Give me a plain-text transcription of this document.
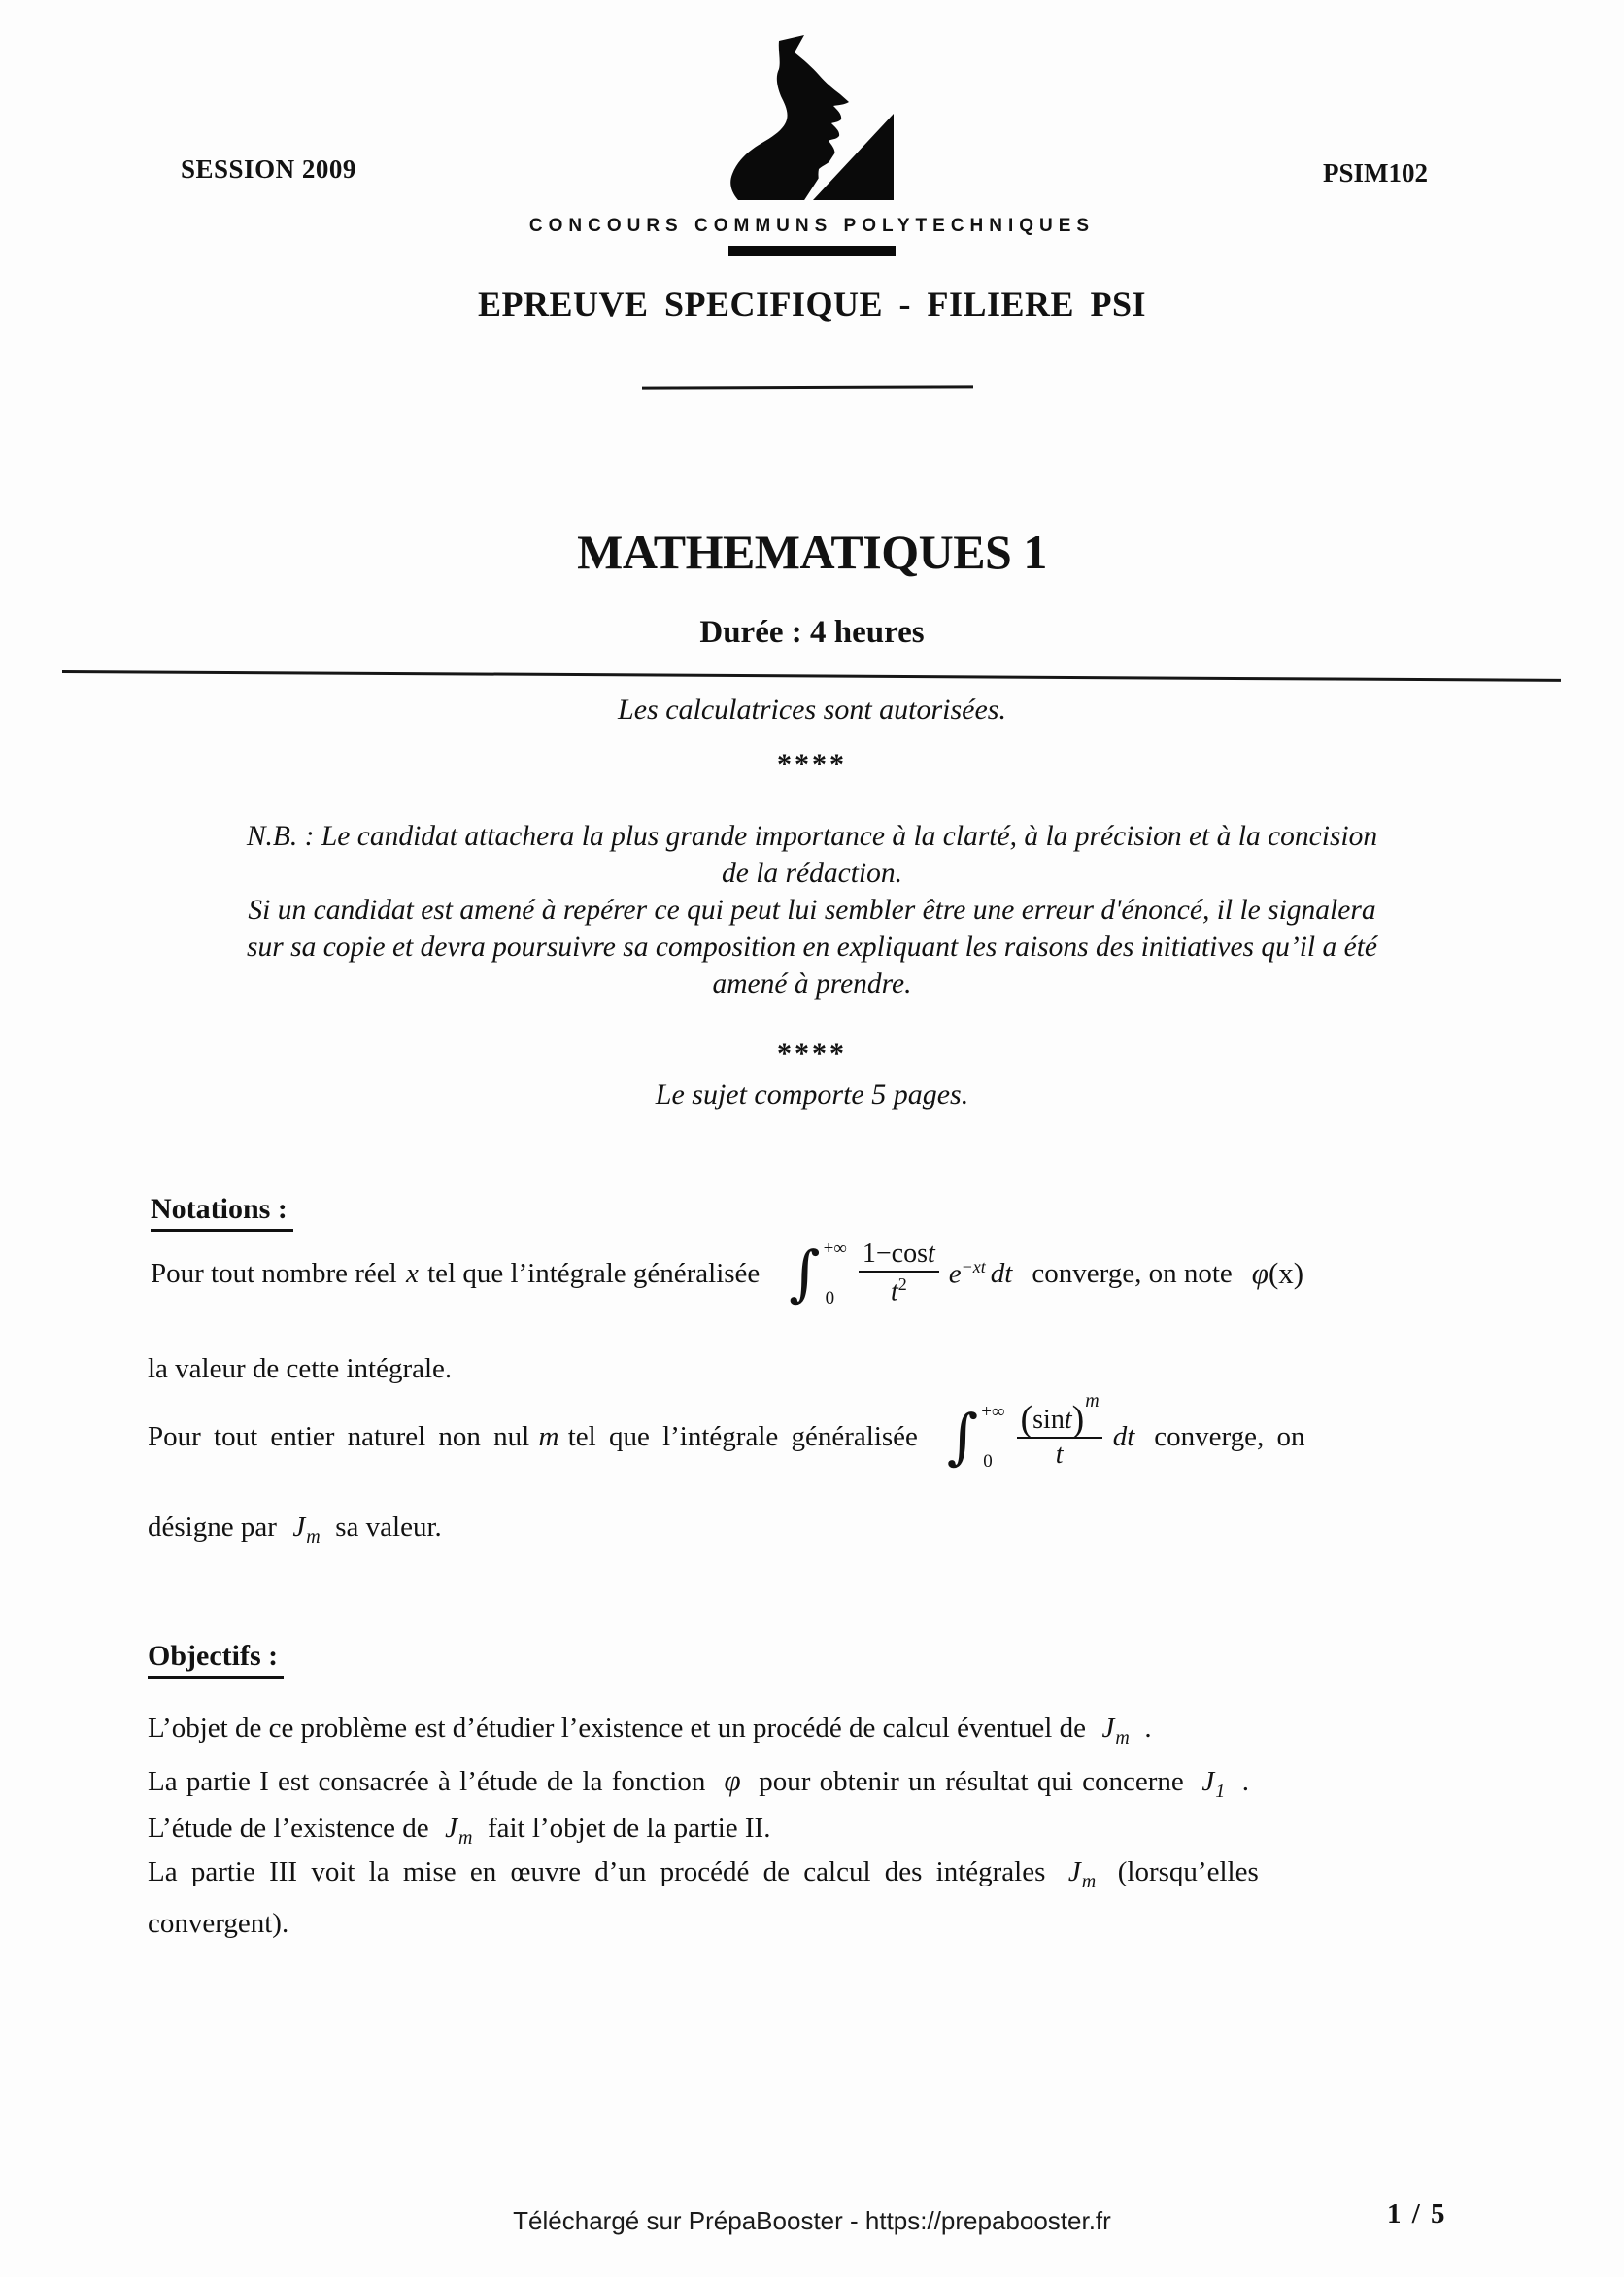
SESSION 2009	PSIM102
CONCOURS COMMUNS POLYTECHNIQUES
EPREUVE SPECIFIQUE - FILIERE PSI
MATHEMATIQUES 1
Durée : 4 heures
Les calculatrices sont autorisées.
****
N.B. : Le candidat attachera la plus grande importance à la clarté, à la précision et à la concision
de la rédaction.
Si un candidat est amené à repérer ce qui peut lui sembler être une erreur d'énoncé, il le signalera
sur sa copie et devra poursuivre sa composition en expliquant les raisons des initiatives qu’il a été
amené à prendre.
****
Le sujet comporte 5 pages.
Notations :
Pour tout nombre réel x tel que l’intégrale généralisée ∫ +∞
$0 \frac{1-\cos t}{t^2} e^{-xt}$ dt converge, on note φ(x)
la valeur de cette intégrale.
Pour tout entier naturel non nul m tel que l’intégrale généralisée ∫ +∞
$0 \frac{(\sin t)^m}{t}$ dt converge, on
désigne par $J_m$ sa valeur.
Objectifs :
L’objet de ce problème est d’étudier l’existence et un procédé de calcul éventuel de $J_m$ .
La partie I est consacrée à l’étude de la fonction φ pour obtenir un résultat qui concerne $J_1$ .
L’étude de l’existence de $J_m$ fait l’objet de la partie II.
La partie III voit la mise en œuvre d’un procédé de calcul des intégrales $J_m$ (lorsqu’elles
convergent).
Téléchargé sur PrépaBooster - https://prepabooster.fr	1 / 5
